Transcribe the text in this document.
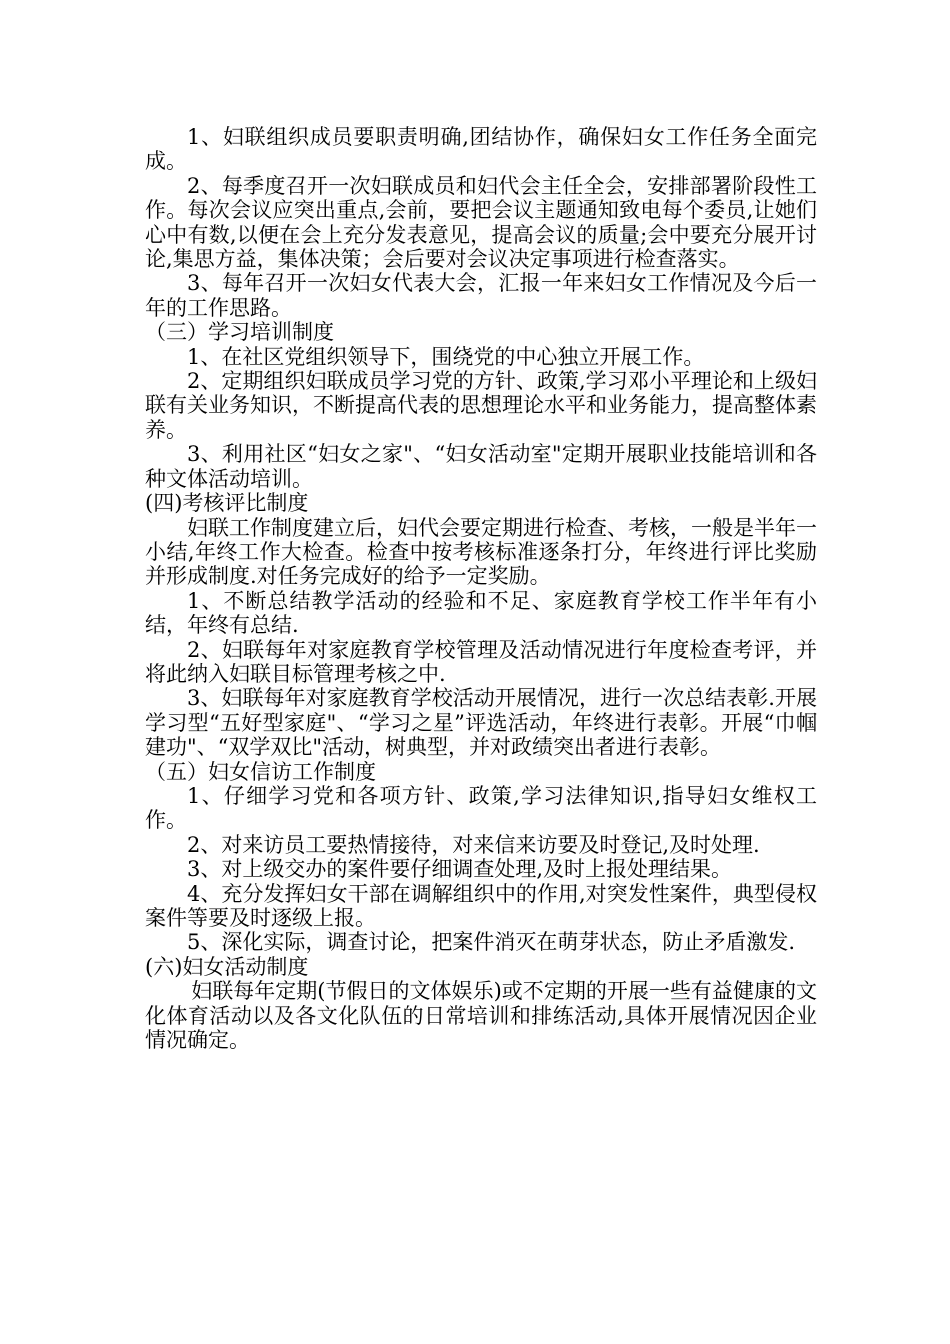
1、妇联组织成员要职责明确,团结协作，确保妇女工作任务全面完成。

2、每季度召开一次妇联成员和妇代会主任全会，安排部署阶段性工作。每次会议应突出重点,会前，要把会议主题通知致电每个委员,让她们心中有数,以便在会上充分发表意见，提高会议的质量;会中要充分展开讨论,集思方益，集体决策；会后要对会议决定事项进行检查落实。

3、每年召开一次妇女代表大会，汇报一年来妇女工作情况及今后一年的工作思路。

（三）学习培训制度

1、在社区党组织领导下，围绕党的中心独立开展工作。

2、定期组织妇联成员学习党的方针、政策,学习邓小平理论和上级妇联有关业务知识，不断提高代表的思想理论水平和业务能力，提高整体素养。

3、利用社区“妇女之家"、“妇女活动室"定期开展职业技能培训和各种文体活动培训。

(四)考核评比制度

妇联工作制度建立后，妇代会要定期进行检查、考核，一般是半年一小结,年终工作大检查。检查中按考核标准逐条打分，年终进行评比奖励并形成制度.对任务完成好的给予一定奖励。

1、不断总结教学活动的经验和不足、家庭教育学校工作半年有小结，年终有总结.

2、妇联每年对家庭教育学校管理及活动情况进行年度检查考评，并将此纳入妇联目标管理考核之中.

3、妇联每年对家庭教育学校活动开展情况，进行一次总结表彰.开展学习型“五好型家庭"、“学习之星”评选活动，年终进行表彰。开展“巾帼建功"、“双学双比"活动，树典型，并对政绩突出者进行表彰。

（五）妇女信访工作制度

1、仔细学习党和各项方针、政策,学习法律知识,指导妇女维权工作。

2、对来访员工要热情接待，对来信来访要及时登记,及时处理.

3、对上级交办的案件要仔细调查处理,及时上报处理结果。

4、充分发挥妇女干部在调解组织中的作用,对突发性案件，典型侵权案件等要及时逐级上报。

5、深化实际，调查讨论，把案件消灭在萌芽状态，防止矛盾激发.

(六)妇女活动制度

妇联每年定期(节假日的文体娱乐)或不定期的开展一些有益健康的文化体育活动以及各文化队伍的日常培训和排练活动,具体开展情况因企业情况确定。
